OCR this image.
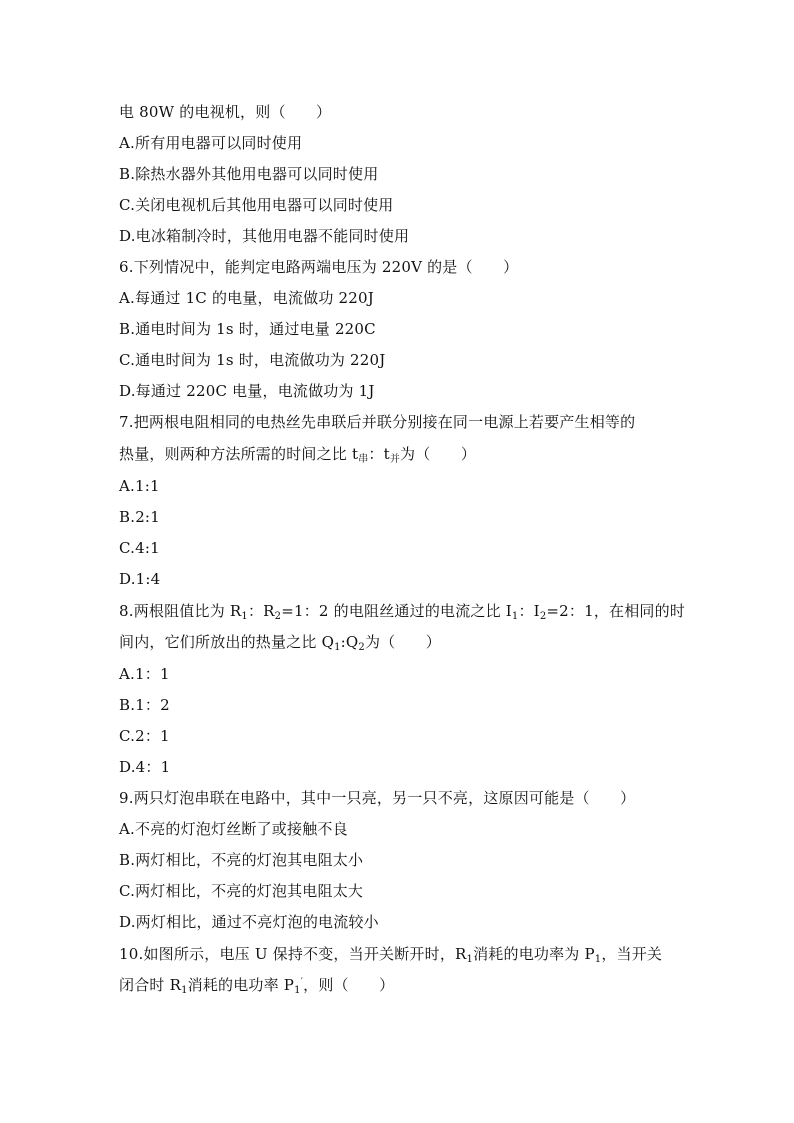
电 80W 的电视机，则（　　）
A.所有用电器可以同时使用
B.除热水器外其他用电器可以同时使用
C.关闭电视机后其他用电器可以同时使用
D.电冰箱制冷时，其他用电器不能同时使用
6.下列情况中，能判定电路两端电压为 220V 的是（　　）
A.每通过 1C 的电量，电流做功 220J
B.通电时间为 1s 时，通过电量 220C
C.通电时间为 1s 时，电流做功为 220J
D.每通过 220C 电量，电流做功为 1J
7.把两根电阻相同的电热丝先串联后并联分别接在同一电源上若要产生相等的
热量，则两种方法所需的时间之比 $t_串$：$t_并$为（　　）
A.1:1
B.2:1
C.4:1
D.1:4
8.两根阻值比为 $R_1$：$R_2=1$：2 的电阻丝通过的电流之比 $I_1$：$I_2=2$：1，在相同的时
间内，它们所放出的热量之比 $Q_1:Q_2$为（　　）
A.1：1
B.1：2
C.2：1
D.4：1
9.两只灯泡串联在电路中，其中一只亮，另一只不亮，这原因可能是（　　）
A.不亮的灯泡灯丝断了或接触不良
B.两灯相比，不亮的灯泡其电阻太小
C.两灯相比，不亮的灯泡其电阻太大
D.两灯相比，通过不亮灯泡的电流较小
10.如图所示，电压 U 保持不变，当开关断开时，$R_1$消耗的电功率为 $P_1$，当开关
闭合时 $R_1$消耗的电功率 $P_1'$，则（　　）
